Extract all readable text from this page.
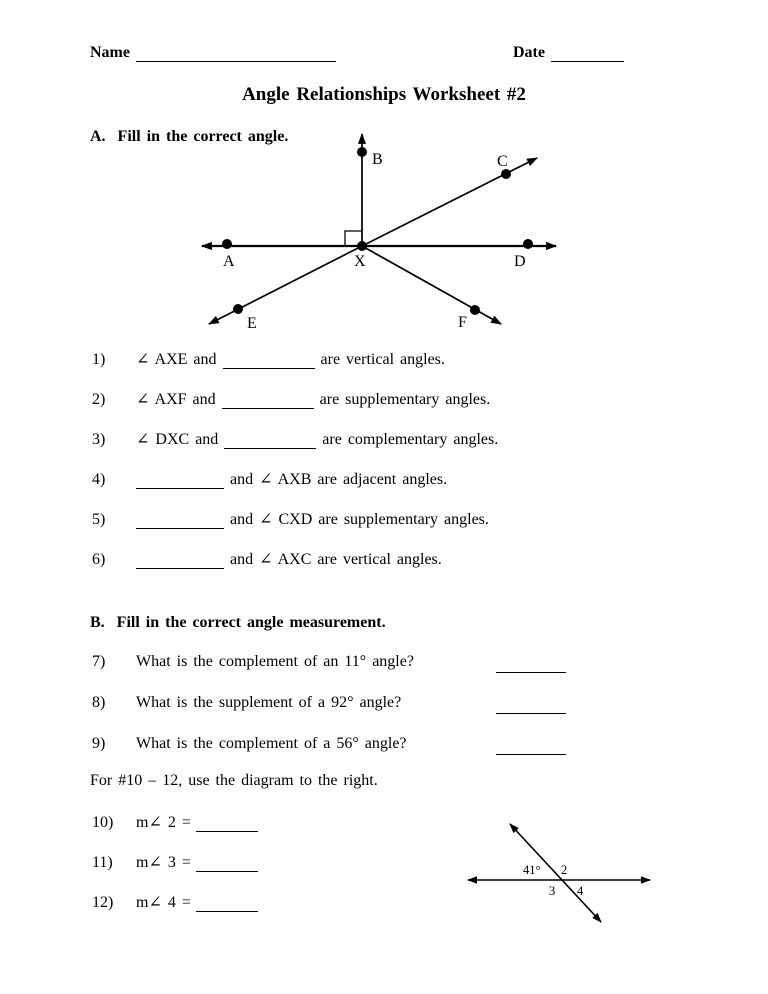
Name	Date
Angle Relationships Worksheet #2
A.  Fill in the correct angle.
A
B	C
D
E	F
X
1) ∠ AXE and	are vertical angles.
2) ∠ AXF and	are supplementary angles.
3) ∠ DXC and	are complementary angles.
4)	and ∠ AXB are adjacent angles.
5)	and ∠ CXD are supplementary angles.
6)	and ∠ AXC are vertical angles.
B.  Fill in the correct angle measurement.
7) What is the complement of an 11° angle?
8) What is the supplement of a 92° angle?
9) What is the complement of a 56° angle?
For #10 – 12, use the diagram to the right.
10) m∠ 2 =
11) m∠ 3 =
12) m∠ 4 =
41° 2
3 4
